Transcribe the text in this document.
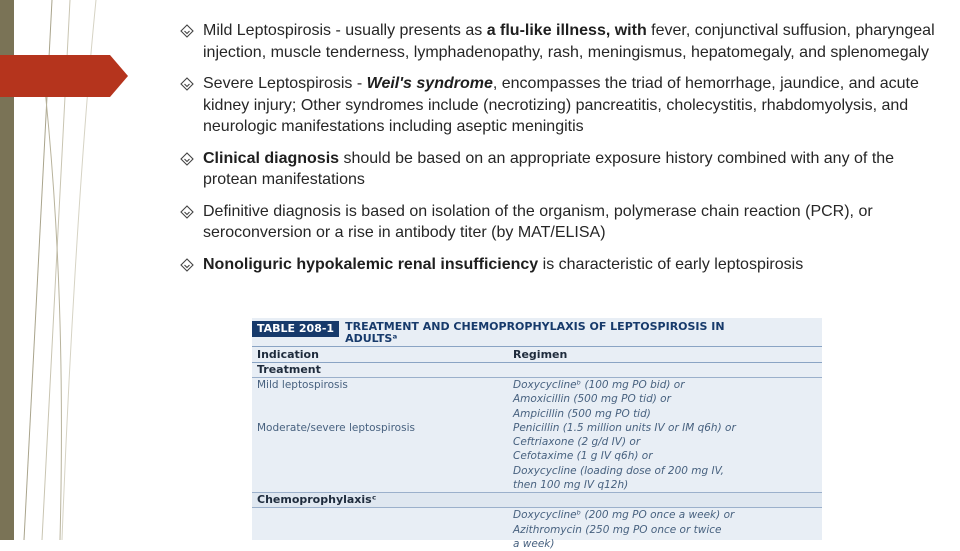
Mild Leptospirosis - usually presents as a flu-like illness, with fever, conjunctival suffusion, pharyngeal injection, muscle tenderness, lymphadenopathy, rash, meningismus, hepatomegaly, and splenomegaly
Severe Leptospirosis - Weil's syndrome, encompasses the triad of hemorrhage, jaundice, and acute kidney injury; Other syndromes include (necrotizing) pancreatitis, cholecystitis, rhabdomyolysis, and neurologic manifestations including aseptic meningitis
Clinical diagnosis should be based on an appropriate exposure history combined with any of the protean manifestations
Definitive diagnosis is based on isolation of the organism, polymerase chain reaction (PCR), or seroconversion or a rise in antibody titer (by MAT/ELISA)
Nonoliguric hypokalemic renal insufficiency is characteristic of early leptospirosis
TABLE 208-1	TREATMENT AND CHEMOPROPHYLAXIS OF LEPTOSPIROSIS IN ADULTSᵃ
Indication	Regimen
Treatment
Mild leptospirosis	Doxycyclineᵇ (100 mg PO bid) or
Amoxicillin (500 mg PO tid) or
Ampicillin (500 mg PO tid)
Moderate/severe leptospirosis	Penicillin (1.5 million units IV or IM q6h) or
Ceftriaxone (2 g/d IV) or
Cefotaxime (1 g IV q6h) or
Doxycycline (loading dose of 200 mg IV,
then 100 mg IV q12h)
Chemoprophylaxisᶜ
Doxycyclineᵇ (200 mg PO once a week) or
Azithromycin (250 mg PO once or twice
a week)
